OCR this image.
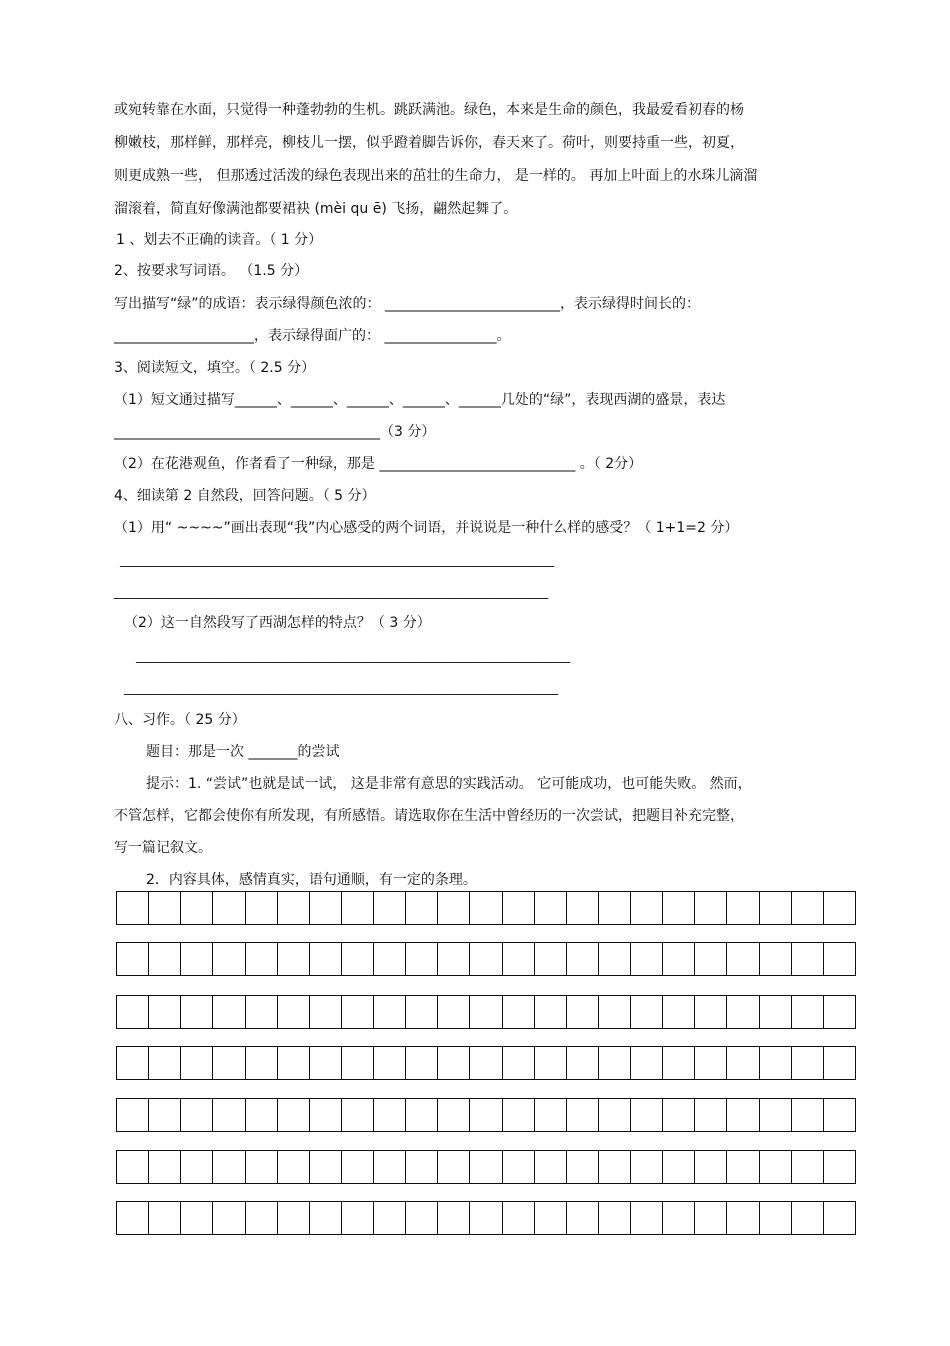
或宛转靠在水面，只觉得一种蓬勃勃的生机。跳跃满池。绿色，本来是生命的颜色，我最爱看初春的杨
柳嫩枝，那样鲜，那样亮，柳枝儿一摆，似乎蹬着脚告诉你，春天来了。荷叶，则要持重一些，初夏，
则更成熟一些， 但那透过活泼的绿色表现出来的茁壮的生命力， 是一样的。 再加上叶面上的水珠儿滴溜
溜滚着，简直好像满池都要裙袂 (mèi qu ē) 飞扬，翩然起舞了。
1 、划去不正确的读音。（ 1 分）
2、按要求写词语。 （1.5 分）
写出描写“绿”的成语：表示绿得颜色浓的： _________________________，表示绿得时间长的：
____________________，表示绿得面广的： ________________。
3、阅读短文，填空。（ 2.5 分）
（1）短文通过描写______、______、______、______、______几处的“绿”，表现西湖的盛景，表达
______________________________________（3 分）
（2）在花港观鱼，作者看了一种绿，那是 ____________________________ 。（ 2分）
4、细读第 2 自然段，回答问题。（ 5 分）
（1）用“ ~~~~”画出表现“我”内心感受的两个词语，并说说是一种什么样的感受？（ 1+1=2 分）
______________________________________________________________________
______________________________________________________________________
（2）这一自然段写了西湖怎样的特点？（ 3 分）
______________________________________________________________________
______________________________________________________________________
八、习作。（ 25 分）
题目：那是一次 _______的尝试
提示：1. “尝试”也就是试一试， 这是非常有意思的实践活动。 它可能成功，也可能失败。 然而，
不管怎样，它都会使你有所发现，有所感悟。请选取你在生活中曾经历的一次尝试，把题目补充完整，
写一篇记叙文。
2．内容具体，感情真实，语句通顺，有一定的条理。
